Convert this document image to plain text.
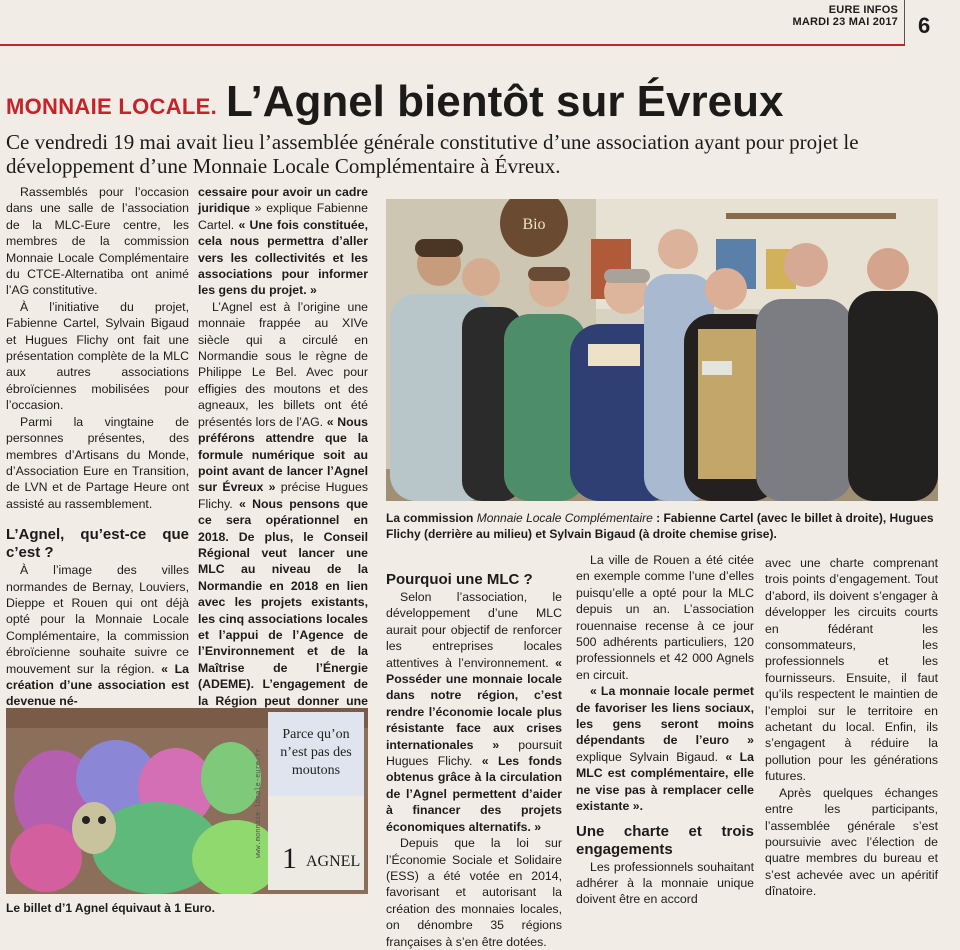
EURE INFOS
MARDI 23 MAI 2017 6
MONNAIE LOCALE. L’Agnel bientôt sur Évreux
Ce vendredi 19 mai avait lieu l’assemblée générale constitutive d’une association ayant pour projet le développement d’une Monnaie Locale Complémentaire à Évreux.

Rassemblés pour l’occasion dans une salle de l’association de la MLC-Eure centre, les membres de la commission Monnaie Locale Complémentaire du CTCE-Alternatiba ont animé l’AG constitutive.

À l’initiative du projet, Fabienne Cartel, Sylvain Bigaud et Hugues Flichy ont fait une présentation complète de la MLC aux autres associations ébroïciennes mobilisées pour l’occasion.

Parmi la vingtaine de personnes présentes, des membres d’Artisans du Monde, d’Association Eure en Transition, de LVN et de Partage Heure ont assisté au rassemblement.

L’Agnel, qu’est-ce que c’est ?

À l’image des villes normandes de Bernay, Louviers, Dieppe et Rouen qui ont déjà opté pour la Monnaie Locale Complémentaire, la commission ébroïcienne souhaite suivre ce mouvement sur la région. « La création d’une association est devenue né-

cessaire pour avoir un cadre juridique » explique Fabienne Cartel. « Une fois constituée, cela nous permettra d’aller vers les collectivités et les associations pour informer les gens du projet. »

L’Agnel est à l’origine une monnaie frappée au XIVe siècle qui a circulé en Normandie sous le règne de Philippe Le Bel. Avec pour effigies des moutons et des agneaux, les billets ont été présentés lors de l’AG. « Nous préférons attendre que la formule numérique soit au point avant de lancer l’Agnel sur Évreux » précise Hugues Flichy. « Nous pensons que ce sera opérationnel en 2018. De plus, le Conseil Régional veut lancer une MLC au niveau de la Normandie en 2018 en lien avec les projets existants, les cinq associations locales et l’appui de l’Agence de l’Environnement et de la Maîtrise de l’Énergie (ADEME). L’engagement de la Région peut donner une

Bio
La commission Monnaie Locale Complémentaire : Fabienne Cartel (avec le billet à droite), Hugues Flichy (derrière au milieu) et Sylvain Bigaud (à droite chemise grise).

Pourquoi une MLC ?

Selon l’association, le développement d’une MLC aurait pour objectif de renforcer les entreprises locales attentives à l’environnement. « Posséder une monnaie locale dans notre région, c’est rendre l’économie locale plus résistante face aux crises internationales » poursuit Hugues Flichy. « Les fonds obtenus grâce à la circulation de l’Agnel permettent d’aider à financer des projets économiques alternatifs. »

Depuis que la loi sur l’Économie Sociale et Solidaire (ESS) a été votée en 2014, favorisant et autorisant la création des monnaies locales, on dénombre 35 régions françaises à s’en être dotées.

La ville de Rouen a été citée en exemple comme l’une d’elles puisqu’elle a opté pour la MLC depuis un an. L’association rouennaise recense à ce jour 500 adhérents particuliers, 120 professionnels et 42 000 Agnels en circuit.

« La monnaie locale permet de favoriser les liens sociaux, les gens seront moins dépendants de l’euro » explique Sylvain Bigaud. « La MLC est complémentaire, elle ne vise pas à remplacer celle existante ».

Une charte et trois engagements

Les professionnels souhaitant adhérer à la monnaie unique doivent être en accord

avec une charte comprenant trois points d’engagement. Tout d’abord, ils doivent s’engager à développer les circuits courts en fédérant les consommateurs, les professionnels et les fournisseurs. Ensuite, il faut qu’ils respectent le maintien de l’emploi sur le territoire en achetant du local. Enfin, ils s’engagent à réduire la pollution pour les générations futures.

Après quelques échanges entre les participants, l’assemblée générale s’est poursuivie avec l’élection de quatre membres du bureau et s’est achevée avec un apéritif dînatoire.

Parce qu’on
n’est pas des
moutons
www.monnaie-locale-eure.fr
1 AGNEL
Le billet d’1 Agnel équivaut à 1 Euro.
